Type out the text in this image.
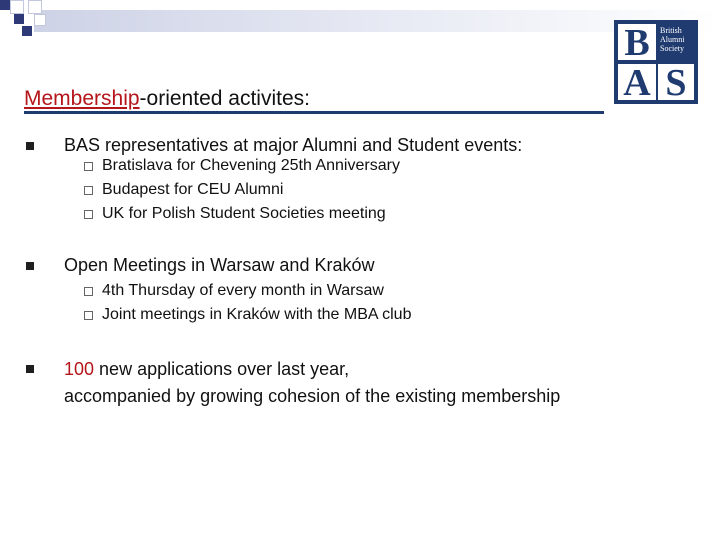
B
A S
British
Alumni
Society
Membership-oriented activites:
BAS representatives at major Alumni and Student events:
Bratislava for Chevening 25th Anniversary
Budapest for CEU Alumni
UK for Polish Student Societies meeting
Open Meetings in Warsaw and Kraków
4th Thursday of every month in Warsaw
Joint meetings in Kraków with the MBA club
100 new applications over last year,
accompanied by growing cohesion of the existing membership
